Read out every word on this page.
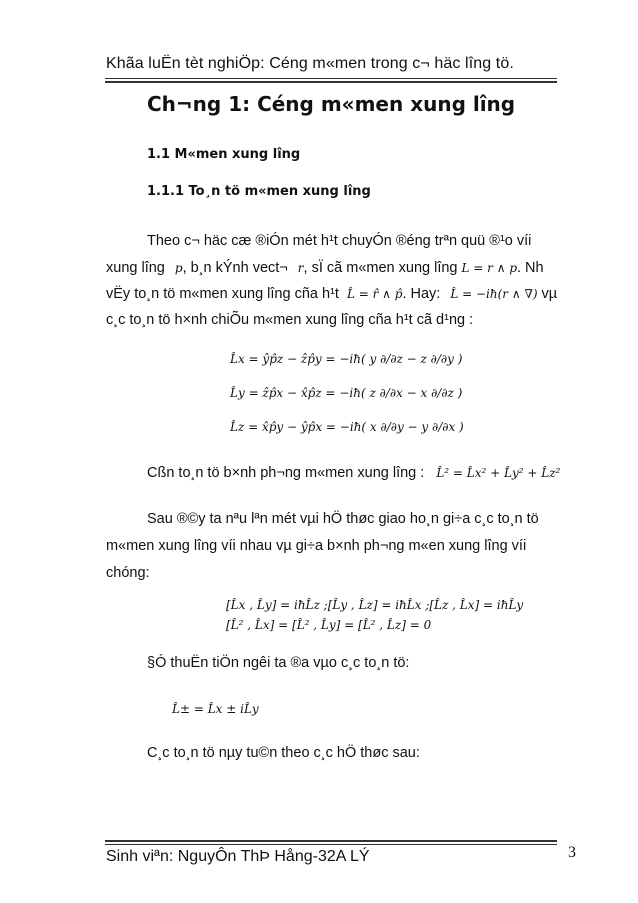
Khãa luËn tèt nghiÖp: Céng m«men trong c¬ häc lîng tö.
Ch¬ng 1: Céng m«men xung lîng
1.1 M«men xung lîng
1.1.1 To¸n tö m«men xung lîng
Theo c¬ häc cæ ®iÓn mét h¹t chuyÓn ®éng trªn quü ®¹o víi
xung lîng p, b¸n kÝnh vect¬ r, sÏ cã m«men xung lîng L = r ∧ p. Nh
vËy to¸n tö m«men xung lîng cña h¹t L̂ = r̂ ∧ p̂. Hay: L̂ = −iħ(r ∧ ∇) vµ
c¸c to¸n tö h×nh chiÕu m«men xung lîng cña h¹t cã d¹ng :
L̂x = ŷp̂z − ẑp̂y = −iħ( y ∂/∂z − z ∂/∂y )
L̂y = ẑp̂x − x̂p̂z = −iħ( z ∂/∂x − x ∂/∂z )
L̂z = x̂p̂y − ŷp̂x = −iħ( x ∂/∂y − y ∂/∂x )
Cßn to¸n tö b×nh ph¬ng m«men xung lîng : L̂² = L̂x² + L̂y² + L̂z²
Sau ®©y ta nªu lªn mét vµi hÖ thøc giao ho¸n gi÷a c¸c to¸n tö
m«men xung lîng víi nhau vµ gi÷a b×nh ph¬ng m«en xung lîng víi
chóng:
[L̂x , L̂y] = iħL̂z ;[L̂y , L̂z] = iħL̂x ;[L̂z , L̂x] = iħL̂y
[L̂² , L̂x] = [L̂² , L̂y] = [L̂² , L̂z] = 0
§Ó thuËn tiÖn ngêi ta ®a vµo c¸c to¸n tö:
L̂± = L̂x ± iL̂y
C¸c to¸n tö nµy tu©n theo c¸c hÖ thøc sau:
Sinh viªn: NguyÔn ThÞ Hång-32A LÝ	3
